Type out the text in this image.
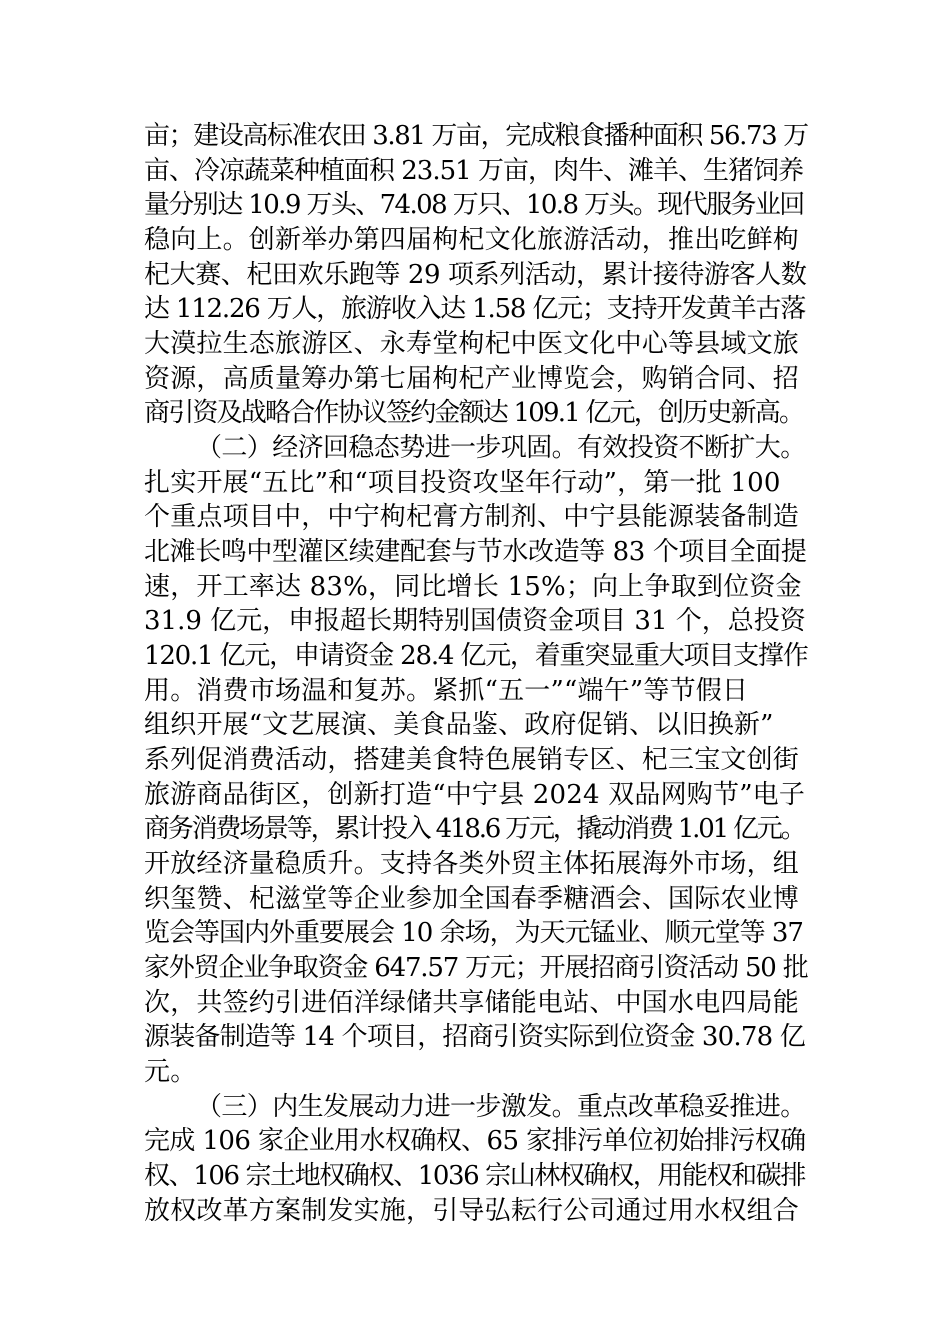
亩；建设高标准农田 3.81 万亩，完成粮食播种面积 56.73 万
亩、冷凉蔬菜种植面积 23.51 万亩，肉牛、滩羊、生猪饲养
量分别达 10.9 万头、74.08 万只、10.8 万头。现代服务业回
稳向上。创新举办第四届枸杞文化旅游活动，推出吃鲜枸
杞大赛、杞田欢乐跑等 29 项系列活动，累计接待游客人数
达 112.26 万人，旅游收入达 1.58 亿元；支持开发黄羊古落
大漠拉生态旅游区、永寿堂枸杞中医文化中心等县域文旅
资源，高质量筹办第七届枸杞产业博览会，购销合同、招
商引资及战略合作协议签约金额达 109.1 亿元，创历史新高。
（二）经济回稳态势进一步巩固。有效投资不断扩大。
扎实开展“五比”和“项目投资攻坚年行动”，第一批 100
个重点项目中，中宁枸杞膏方制剂、中宁县能源装备制造
北滩长鸣中型灌区续建配套与节水改造等 83 个项目全面提
速，开工率达 83%，同比增长 15%；向上争取到位资金
31.9 亿元，申报超长期特别国债资金项目 31 个，总投资
120.1 亿元，申请资金 28.4 亿元，着重突显重大项目支撑作
用。消费市场温和复苏。紧抓“五一”“端午”等节假日
组织开展“文艺展演、美食品鉴、政府促销、以旧换新”
系列促消费活动，搭建美食特色展销专区、杞三宝文创街
旅游商品街区，创新打造“中宁县 2024 双品网购节”电子
商务消费场景等，累计投入 418.6 万元，撬动消费 1.01 亿元。
开放经济量稳质升。支持各类外贸主体拓展海外市场，组
织玺赞、杞滋堂等企业参加全国春季糖酒会、国际农业博
览会等国内外重要展会 10 余场，为天元锰业、顺元堂等 37
家外贸企业争取资金 647.57 万元；开展招商引资活动 50 批
次，共签约引进佰洋绿储共享储能电站、中国水电四局能
源装备制造等 14 个项目，招商引资实际到位资金 30.78 亿
元。
（三）内生发展动力进一步激发。重点改革稳妥推进。
完成 106 家企业用水权确权、65 家排污单位初始排污权确
权、106 宗土地权确权、1036 宗山林权确权，用能权和碳排
放权改革方案制发实施，引导弘耘行公司通过用水权组合
